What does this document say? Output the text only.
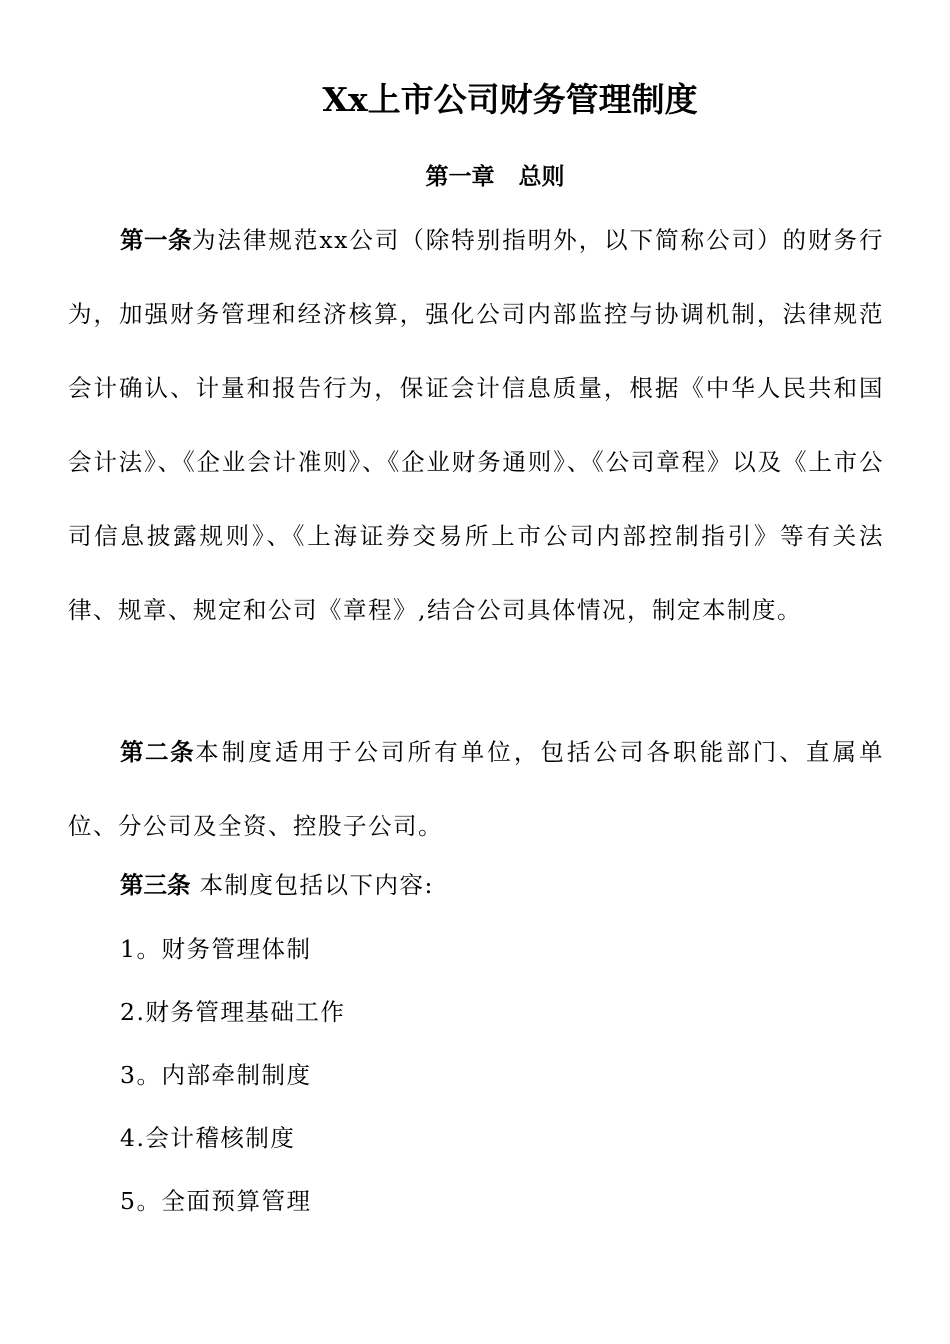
Xx上市公司财务管理制度
第一章   总则
第一条为法律规范xx公司（除特别指明外，以下简称公司）的财务行为，加强财务管理和经济核算，强化公司内部监控与协调机制，法律规范会计确认、计量和报告行为，保证会计信息质量，根据《中华人民共和国会计法》、《企业会计准则》、《企业财务通则》、《公司章程》以及《上市公司信息披露规则》、《上海证券交易所上市公司内部控制指引》等有关法律、规章、规定和公司《章程》,结合公司具体情况，制定本制度。
第二条本制度适用于公司所有单位，包括公司各职能部门、直属单位、分公司及全资、控股子公司。
第三条 本制度包括以下内容:
1。财务管理体制
2.财务管理基础工作
3。内部牵制制度
4.会计稽核制度
5。全面预算管理
